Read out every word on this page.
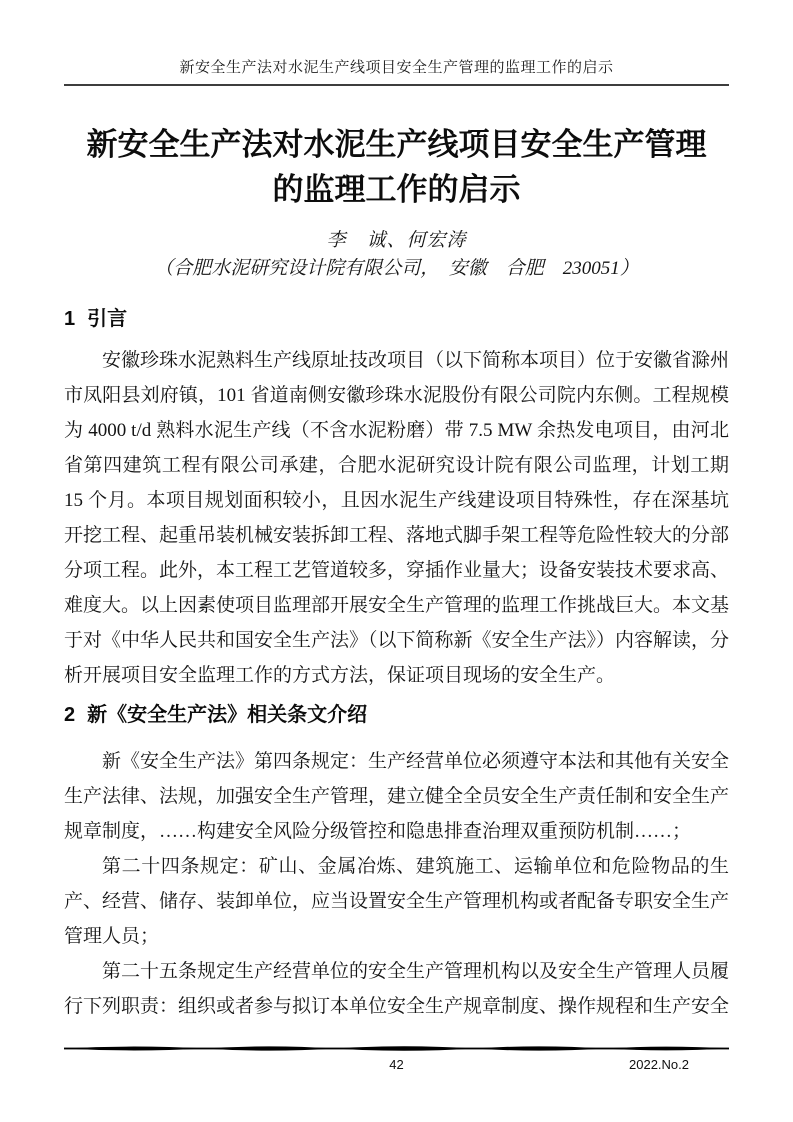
新安全生产法对水泥生产线项目安全生产管理的监理工作的启示
新安全生产法对水泥生产线项目安全生产管理
的监理工作的启示
李　诚、何宏涛
（合肥水泥研究设计院有限公司，　安徽　合肥　230051）
1 引言

安徽珍珠水泥熟料生产线原址技改项目（以下简称本项目）位于安徽省滁州市凤阳县刘府镇，101 省道南侧安徽珍珠水泥股份有限公司院内东侧。工程规模为 4000 t/d 熟料水泥生产线（不含水泥粉磨）带 7.5 MW 余热发电项目，由河北省第四建筑工程有限公司承建，合肥水泥研究设计院有限公司监理，计划工期 15 个月。本项目规划面积较小，且因水泥生产线建设项目特殊性，存在深基坑开挖工程、起重吊装机械安装拆卸工程、落地式脚手架工程等危险性较大的分部分项工程。此外，本工程工艺管道较多，穿插作业量大；设备安装技术要求高、难度大。以上因素使项目监理部开展安全生产管理的监理工作挑战巨大。本文基于对《中华人民共和国安全生产法》（以下简称新《安全生产法》）内容解读，分析开展项目安全监理工作的方式方法，保证项目现场的安全生产。

2 新《安全生产法》相关条文介绍

新《安全生产法》第四条规定：生产经营单位必须遵守本法和其他有关安全生产法律、法规，加强安全生产管理，建立健全全员安全生产责任制和安全生产规章制度，……构建安全风险分级管控和隐患排查治理双重预防机制……；

第二十四条规定：矿山、金属冶炼、建筑施工、运输单位和危险物品的生产、经营、储存、装卸单位，应当设置安全生产管理机构或者配备专职安全生产管理人员；

第二十五条规定生产经营单位的安全生产管理机构以及安全生产管理人员履行下列职责：组织或者参与拟订本单位安全生产规章制度、操作规程和生产安全

42	2022.No.2
